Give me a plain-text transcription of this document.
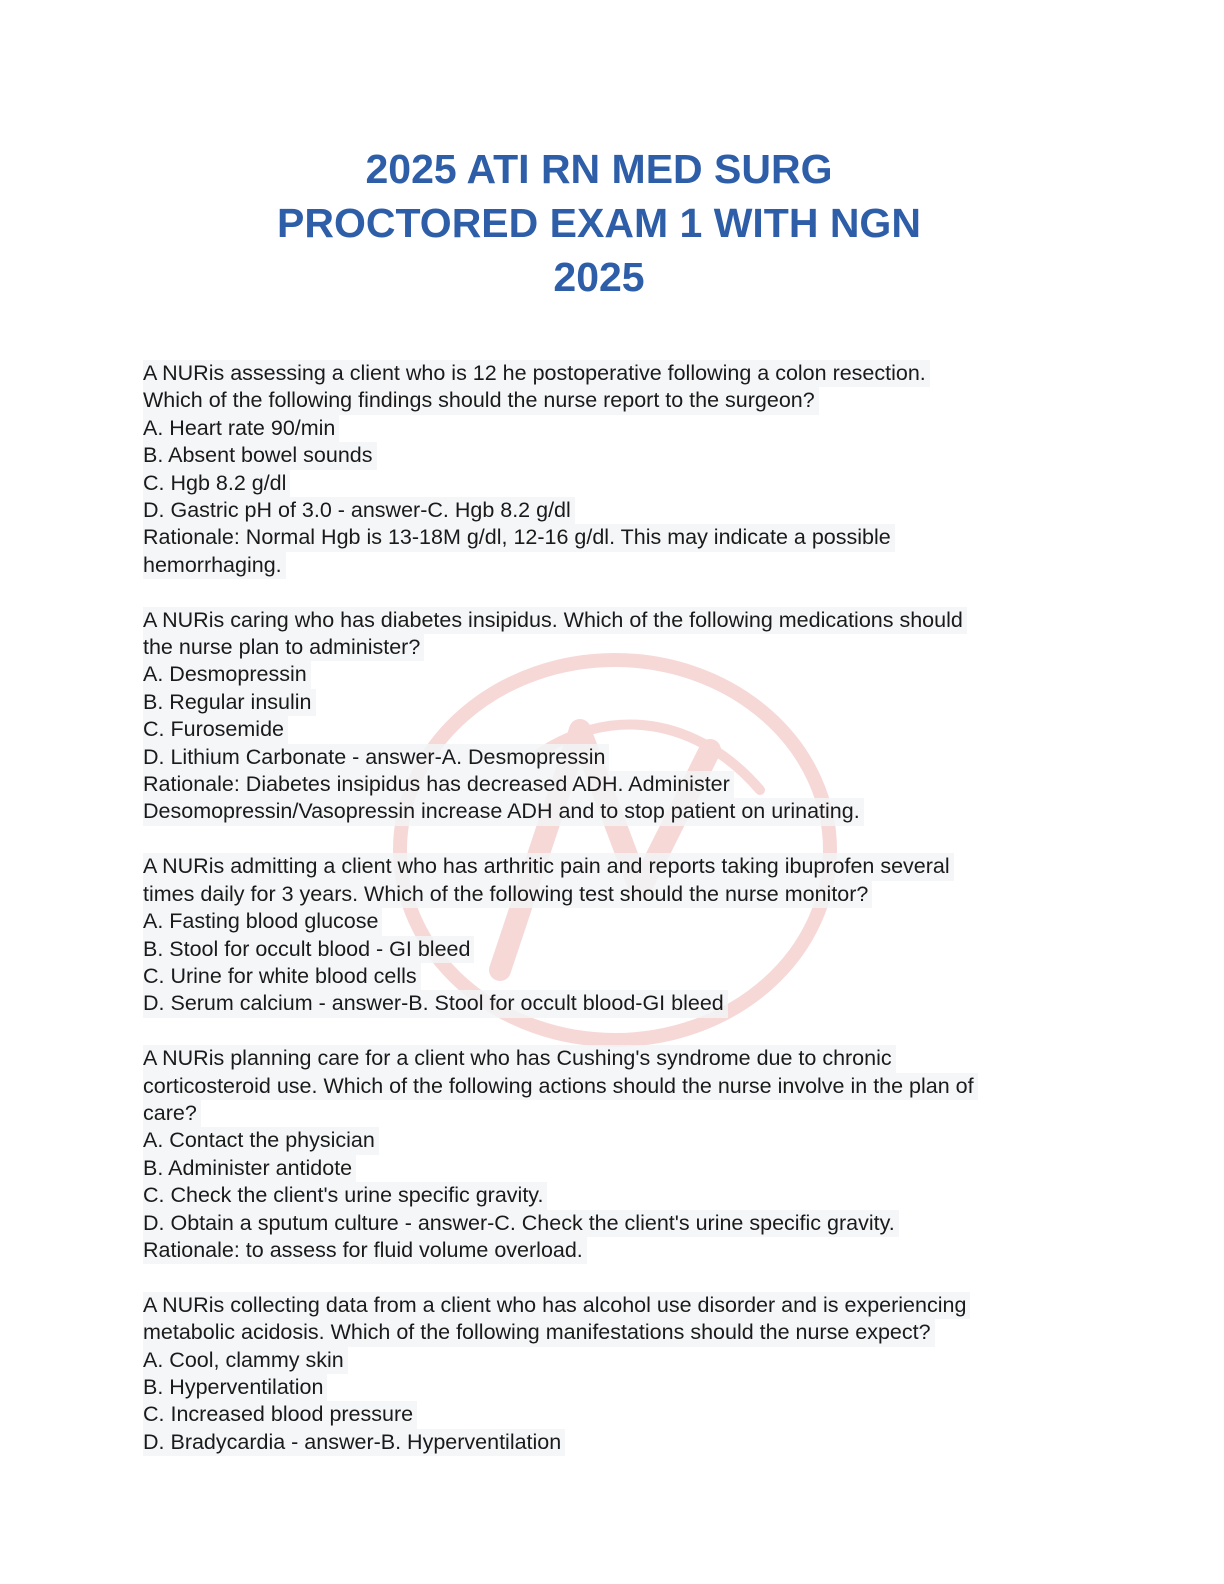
2025 ATI RN MED SURG
PROCTORED EXAM 1 WITH NGN
2025
A NURis assessing a client who is 12 he postoperative following a colon resection.
Which of the following findings should the nurse report to the surgeon?
A. Heart rate 90/min
B. Absent bowel sounds
C. Hgb 8.2 g/dl
D. Gastric pH of 3.0 - answer-C. Hgb 8.2 g/dl
Rationale: Normal Hgb is 13-18M g/dl, 12-16 g/dl. This may indicate a possible
hemorrhaging.
A NURis caring who has diabetes insipidus. Which of the following medications should
the nurse plan to administer?
A. Desmopressin
B. Regular insulin
C. Furosemide
D. Lithium Carbonate - answer-A. Desmopressin
Rationale: Diabetes insipidus has decreased ADH. Administer
Desomopressin/Vasopressin increase ADH and to stop patient on urinating.
A NURis admitting a client who has arthritic pain and reports taking ibuprofen several
times daily for 3 years. Which of the following test should the nurse monitor?
A. Fasting blood glucose
B. Stool for occult blood - GI bleed
C. Urine for white blood cells
D. Serum calcium - answer-B. Stool for occult blood-GI bleed
A NURis planning care for a client who has Cushing's syndrome due to chronic
corticosteroid use. Which of the following actions should the nurse involve in the plan of
care?
A. Contact the physician
B. Administer antidote
C. Check the client's urine specific gravity.
D. Obtain a sputum culture - answer-C. Check the client's urine specific gravity.
Rationale: to assess for fluid volume overload.
A NURis collecting data from a client who has alcohol use disorder and is experiencing
metabolic acidosis. Which of the following manifestations should the nurse expect?
A. Cool, clammy skin
B. Hyperventilation
C. Increased blood pressure
D. Bradycardia - answer-B. Hyperventilation
